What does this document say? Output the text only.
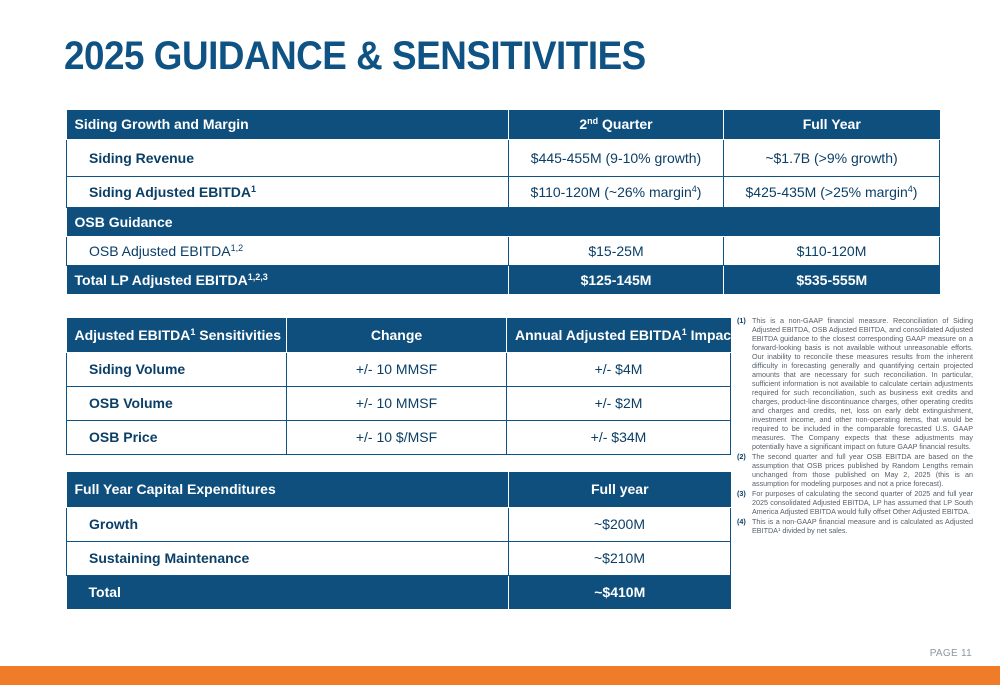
2025 GUIDANCE & SENSITIVITIES
Siding Growth and Margin	2nd Quarter	Full Year
Siding Revenue	$445-455M (9-10% growth)	~$1.7B (>9% growth)
Siding Adjusted EBITDA$^1$	$110-120M (~26% margin$^4$)	$425-435M (>25% margin$^4$)
OSB Guidance		
OSB Adjusted EBITDA$^{1,2}$	$15-25M	$110-120M
Total LP Adjusted EBITDA$^{1,2,3}$	$125-145M	$535-555M
Adjusted EBITDA$^1$ Sensitivities	Change	Annual Adjusted EBITDA$^1$ Impact
Siding Volume	+/- 10 MMSF	+/- $4M
OSB Volume	+/- 10 MMSF	+/- $2M
OSB Price	+/- 10 $/MSF	+/- $34M
Full Year Capital Expenditures	Full year
Growth	~$200M
Sustaining Maintenance	~$210M
Total	~$410M
(1) This is a non-GAAP financial measure. Reconciliation of Siding Adjusted EBITDA, OSB Adjusted EBITDA, and consolidated Adjusted EBITDA guidance to the closest corresponding GAAP measure on a forward-looking basis is not available without unreasonable efforts. Our inability to reconcile these measures results from the inherent difficulty in forecasting generally and quantifying certain projected amounts that are necessary for such reconciliation. In particular, sufficient information is not available to calculate certain adjustments required for such reconciliation, such as business exit credits and charges, product-line discontinuance charges, other operating credits and charges and credits, net, loss on early debt extinguishment, investment income, and other non-operating items, that would be required to be included in the comparable forecasted U.S. GAAP measures. The Company expects that these adjustments may potentially have a significant impact on future GAAP financial results.
(2) The second quarter and full year OSB EBITDA are based on the assumption that OSB prices published by Random Lengths remain unchanged from those published on May 2, 2025 (this is an assumption for modeling purposes and not a price forecast).
(3) For purposes of calculating the second quarter of 2025 and full year 2025 consolidated Adjusted EBITDA, LP has assumed that LP South America Adjusted EBITDA would fully offset Other Adjusted EBITDA.
(4) This is a non-GAAP financial measure and is calculated as Adjusted EBITDA¹ divided by net sales.
PAGE 11
